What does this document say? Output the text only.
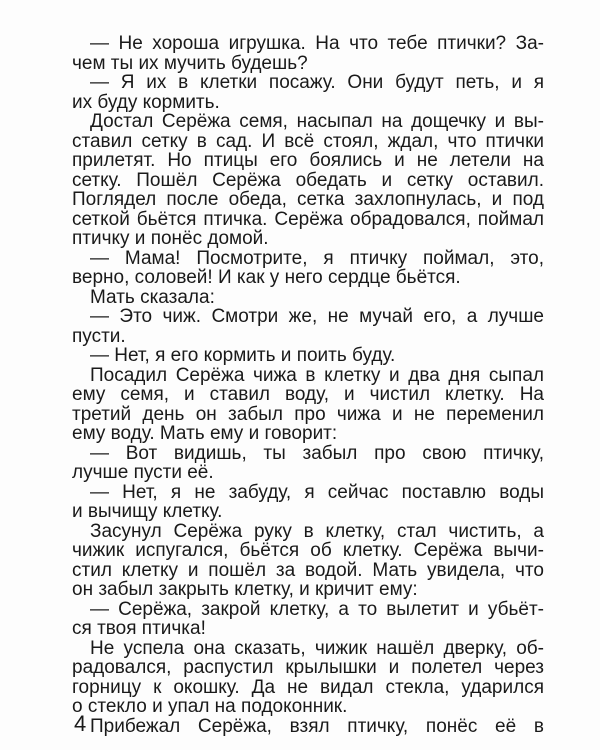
— Не хороша игрушка. На что тебе птички? За-
чем ты их мучить будешь?
— Я их в клетки посажу. Они будут петь, и я
их буду кормить.
Достал Серёжа семя, насыпал на дощечку и вы-
ставил сетку в сад. И всё стоял, ждал, что птички
прилетят. Но птицы его боялись и не летели на
сетку. Пошёл Серёжа обедать и сетку оставил.
Поглядел после обеда, сетка захлопнулась, и под
сеткой бьётся птичка. Серёжа обрадовался, поймал
птичку и понёс домой.
— Мама! Посмотрите, я птичку поймал, это,
верно, соловей! И как у него сердце бьётся.
Мать сказала:
— Это чиж. Смотри же, не мучай его, а лучше
пусти.
— Нет, я его кормить и поить буду.
Посадил Серёжа чижа в клетку и два дня сыпал
ему семя, и ставил воду, и чистил клетку. На
третий день он забыл про чижа и не переменил
ему воду. Мать ему и говорит:
— Вот видишь, ты забыл про свою птичку,
лучше пусти её.
— Нет, я не забуду, я сейчас поставлю воды
и вычищу клетку.
Засунул Серёжа руку в клетку, стал чистить, а
чижик испугался, бьётся об клетку. Серёжа вычи-
стил клетку и пошёл за водой. Мать увидела, что
он забыл закрыть клетку, и кричит ему:
— Серёжа, закрой клетку, а то вылетит и убьёт-
ся твоя птичка!
Не успела она сказать, чижик нашёл дверку, об-
радовался, распустил крылышки и полетел через
горницу к окошку. Да не видал стекла, ударился
о стекло и упал на подоконник.
Прибежал Серёжа, взял птичку, понёс её в
4
